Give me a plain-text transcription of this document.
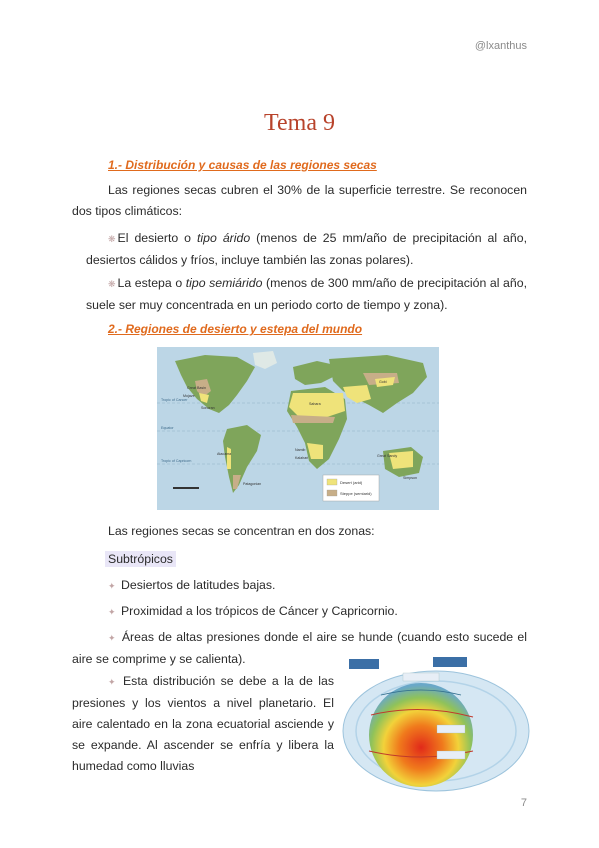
@lxanthus
Tema 9
1.- Distribución y causas de las regiones secas
Las regiones secas cubren el 30% de la superficie terrestre. Se reconocen dos tipos climáticos:
❋ El desierto o tipo árido (menos de 25 mm/año de precipitación al año, desiertos cálidos y fríos, incluye también las zonas polares).
❋ La estepa o tipo semiárido (menos de 300 mm/año de precipitación al año, suele ser muy concentrada en un periodo corto de tiempo y zona).
2.- Regiones de desierto y estepa del mundo
Great Basin
Mojave
Sonoran
Sahara
Atacama
Namib
Kalahari
Patagonian
Gobi
Great Sandy
Simpson
Tropic of Cancer
Equator
Tropic of Capricorn
Desert (arid)
Steppe (semiarid)
Las regiones secas se concentran en dos zonas:
Subtrópicos
✦ Desiertos de latitudes bajas.
✦ Proximidad a los trópicos de Cáncer y Capricornio.
✦ Áreas de altas presiones donde el aire se hunde (cuando esto sucede el aire se comprime y se calienta).
✦ Esta distribución se debe a la de las presiones y los vientos a nivel planetario. El aire calentado en la zona ecuatorial asciende y se expande. Al ascender se enfría y libera la humedad como lluvias
7
